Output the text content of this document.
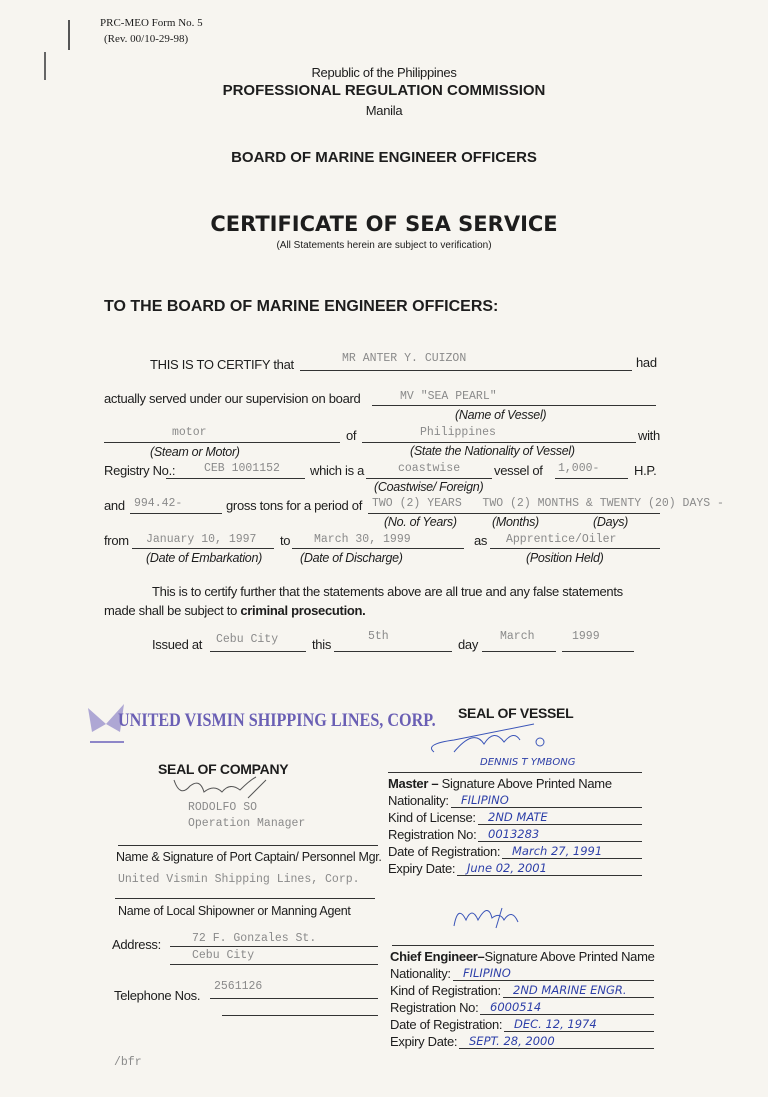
PRC-MEO Form No. 5
(Rev. 00/10-29-98)
Republic of the Philippines
PROFESSIONAL REGULATION COMMISSION
Manila
BOARD OF MARINE ENGINEER OFFICERS
CERTIFICATE OF SEA SERVICE
(All Statements herein are subject to verification)
TO THE BOARD OF MARINE ENGINEER OFFICERS:
THIS IS TO CERTIFY that	MR ANTER Y. CUIZON	had
actually served under our supervision on board	MV "SEA PEARL"
(Name of Vessel)
motor	of	Philippines	with
(Steam or Motor)	(State the Nationality of Vessel)
Registry No.:	CEB 1001152 which is a	coastwise	vessel of 1,000-	H.P.
(Coastwise/ Foreign)
and 994.42-	gross tons for a period of TWO (2) YEARS   TWO (2) MONTHS & TWENTY (20) DAYS -
(No. of Years)	(Months)	(Days)
from January 10, 1997 to March 30, 1999	as Apprentice/Oiler
(Date of Embarkation)	(Date of Discharge)	(Position Held)
This is to certify further that the statements above are all true and any false statements
made shall be subject to criminal prosecution.
Issued at Cebu City	this
5th
day
March	1999
UNITED VISMIN SHIPPING LINES, CORP. SEAL OF VESSEL
SEAL OF COMPANY
RODOLFO SO
Operation Manager
Name & Signature of Port Captain/ Personnel Mgr.
United Vismin Shipping Lines, Corp.
Name of Local Shipowner or Manning Agent
Address:	72 F. Gonzales St.
Cebu City
Telephone Nos.
2561126
/bfr
DENNIS T YMBONG
Master – Signature Above Printed Name
Nationality: FILIPINO
Kind of License: 2ND MATE
Registration No: 0013283
Date of Registration: March 27, 1991
Expiry Date: June 02, 2001
Chief Engineer–Signature Above Printed Name
Nationality: FILIPINO
Kind of Registration: 2ND MARINE ENGR.
Registration No: 6000514
Date of Registration: DEC. 12, 1974
Expiry Date: SEPT. 28, 2000
